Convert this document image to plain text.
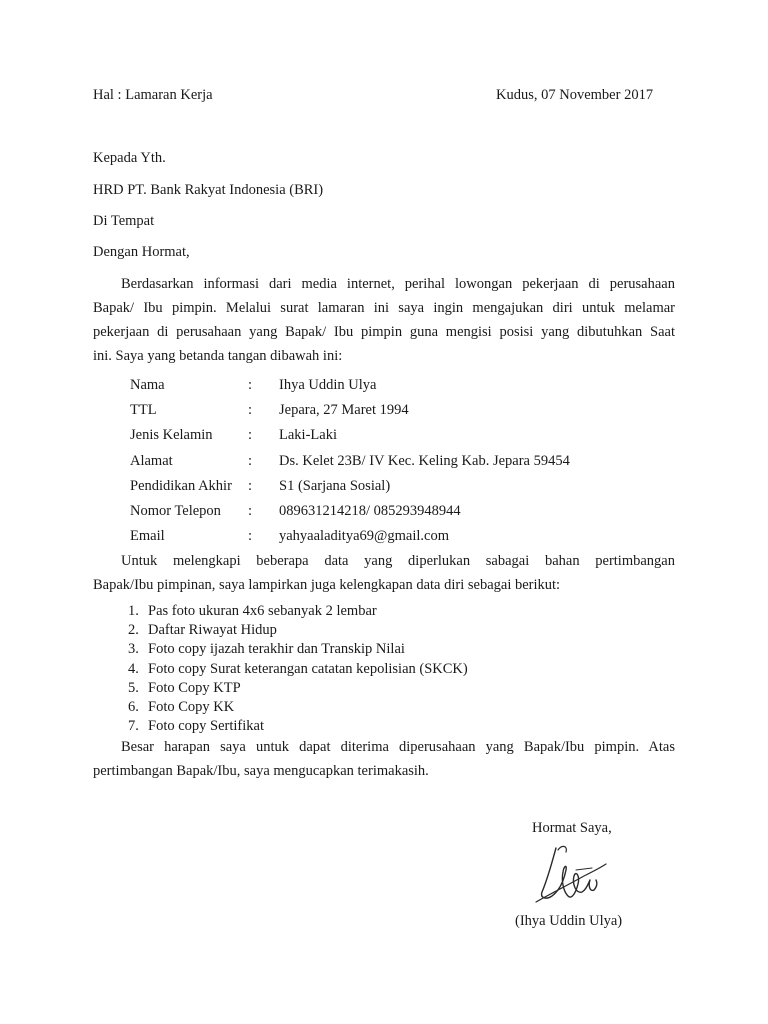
Hal : Lamaran Kerja	Kudus, 07 November 2017
Kepada Yth.
HRD PT. Bank Rakyat Indonesia (BRI)
Di Tempat
Dengan Hormat,
Berdasarkan informasi dari media internet, perihal lowongan pekerjaan di perusahaan
Bapak/ Ibu pimpin. Melalui surat lamaran ini saya ingin mengajukan diri untuk melamar
pekerjaan di perusahaan yang Bapak/ Ibu pimpin guna mengisi posisi yang dibutuhkan Saat
ini. Saya yang betanda tangan dibawah ini:
Nama	: Ihya Uddin Ulya
TTL	: Jepara, 27 Maret 1994
Jenis Kelamin	: Laki-Laki
Alamat	: Ds. Kelet 23B/ IV Kec. Keling Kab. Jepara 59454
Pendidikan Akhir	: S1 (Sarjana Sosial)
Nomor Telepon	: 089631214218/ 085293948944
Email	: yahyaaladitya69@gmail.com
Untuk melengkapi beberapa data yang diperlukan sabagai bahan pertimbangan
Bapak/Ibu pimpinan, saya lampirkan juga kelengkapan data diri sebagai berikut:
1. Pas foto ukuran 4x6 sebanyak 2 lembar
2. Daftar Riwayat Hidup
3. Foto copy ijazah terakhir dan Transkip Nilai
4. Foto copy Surat keterangan catatan kepolisian (SKCK)
5. Foto Copy KTP
6. Foto Copy KK
7. Foto copy Sertifikat
Besar harapan saya untuk dapat diterima diperusahaan yang Bapak/Ibu pimpin. Atas
pertimbangan Bapak/Ibu, saya mengucapkan terimakasih.
Hormat Saya,
(Ihya Uddin Ulya)
